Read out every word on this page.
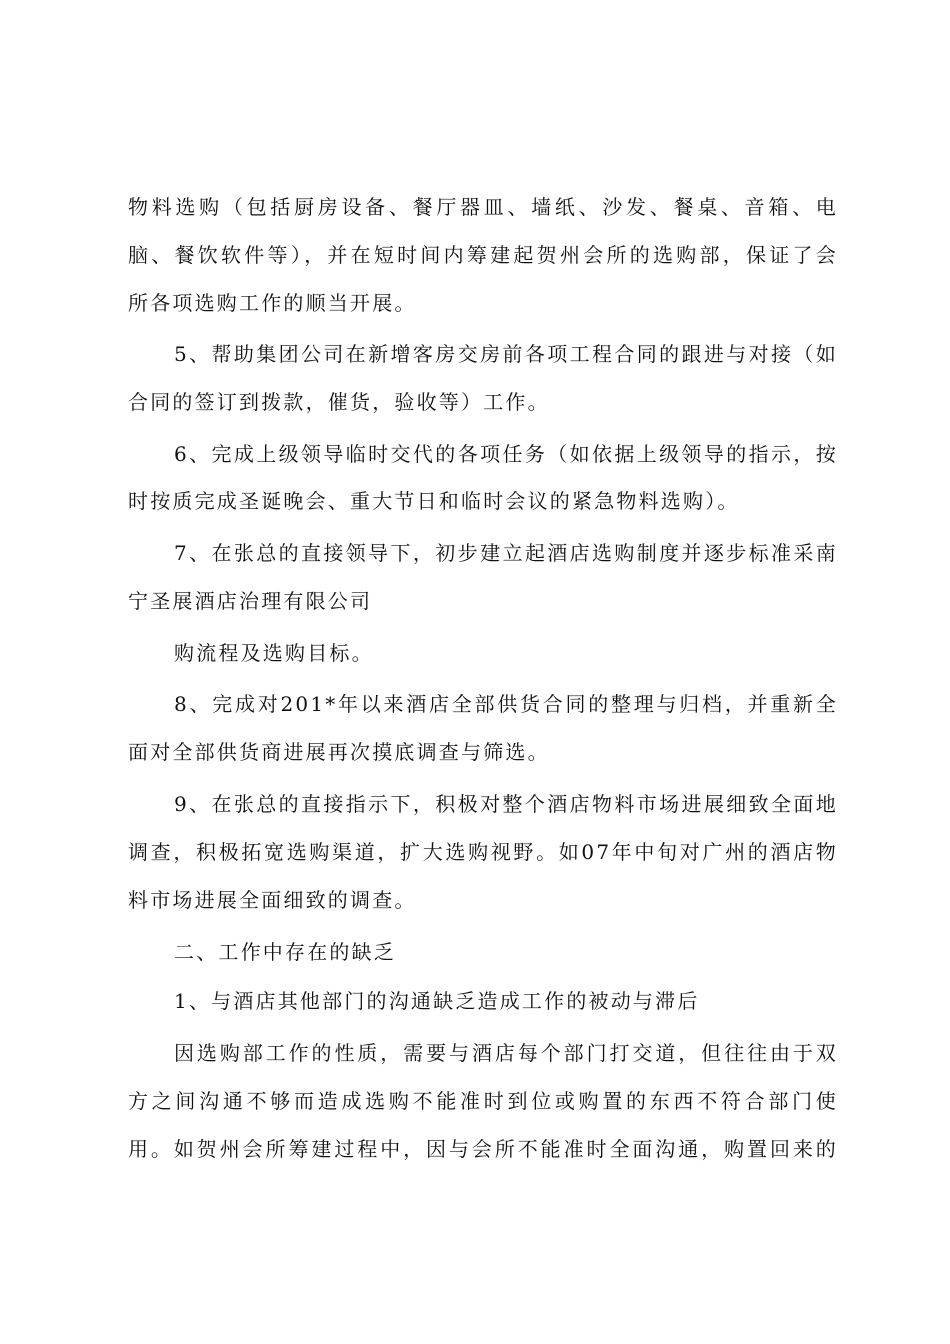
物料选购（包括厨房设备、餐厅器皿、墙纸、沙发、餐桌、音箱、电
脑、餐饮软件等），并在短时间内筹建起贺州会所的选购部，保证了会
所各项选购工作的顺当开展。
5、帮助集团公司在新增客房交房前各项工程合同的跟进与对接（如
合同的签订到拨款，催货，验收等）工作。
6、完成上级领导临时交代的各项任务（如依据上级领导的指示，按
时按质完成圣诞晚会、重大节日和临时会议的紧急物料选购）。
7、在张总的直接领导下，初步建立起酒店选购制度并逐步标准采南
宁圣展酒店治理有限公司
购流程及选购目标。
8、完成对201*年以来酒店全部供货合同的整理与归档，并重新全
面对全部供货商进展再次摸底调查与筛选。
9、在张总的直接指示下，积极对整个酒店物料市场进展细致全面地
调查，积极拓宽选购渠道，扩大选购视野。如07年中旬对广州的酒店物
料市场进展全面细致的调查。
二、工作中存在的缺乏
1、与酒店其他部门的沟通缺乏造成工作的被动与滞后
因选购部工作的性质，需要与酒店每个部门打交道，但往往由于双
方之间沟通不够而造成选购不能准时到位或购置的东西不符合部门使
用。如贺州会所筹建过程中，因与会所不能准时全面沟通，购置回来的
